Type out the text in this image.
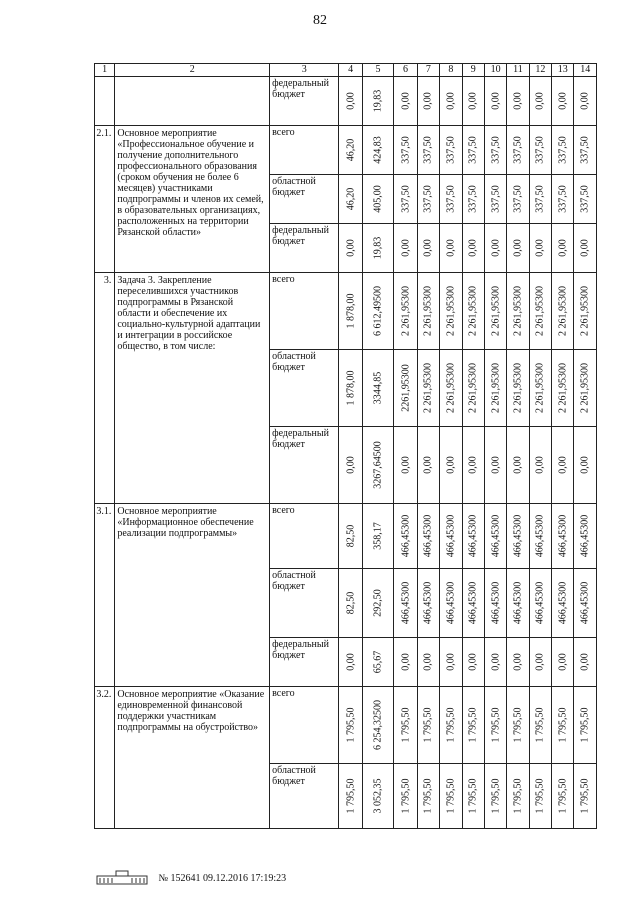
82
1	2	3	4	5	6	7	8	9	10	11	12	13	14
		федеральный бюджет	0,00	19,83	0,00	0,00	0,00	0,00	0,00	0,00	0,00	0,00	0,00

2.1.	Основное мероприятие «Профессиональное обучение и получение дополнительного профессионального образования (сроком обучения не более 6 месяцев) участниками подпрограммы и членов их семей, в образовательных организациях, расположенных на территории Рязанской области»	всего	46,20	424,83	337,50	337,50	337,50	337,50	337,50	337,50	337,50	337,50	337,50

		областной бюджет	46,20	405,00	337,50	337,50	337,50	337,50	337,50	337,50	337,50	337,50	337,50

		федеральный бюджет	0,00	19,83	0,00	0,00	0,00	0,00	0,00	0,00	0,00	0,00	0,00

3.	Задача 3. Закрепление переселившихся участников подпрограммы в Рязанской области и обеспечение их социально-культурной адаптации и интеграции в российское общество, в том числе:	всего	1 878,00	6 612,49500	2 261,95300	2 261,95300	2 261,95300	2 261,95300	2 261,95300	2 261,95300	2 261,95300	2 261,95300	2 261,95300

		областной бюджет	1 878,00	3344,85	2261,95300	2 261,95300	2 261,95300	2 261,95300	2 261,95300	2 261,95300	2 261,95300	2 261,95300	2 261,95300

		федеральный бюджет	0,00	3267,64500	0,00	0,00	0,00	0,00	0,00	0,00	0,00	0,00	0,00

3.1.	Основное мероприятие «Информационное обеспечение реализации подпрограммы»	всего	82,50	358,17	466,45300	466,45300	466,45300	466,45300	466,45300	466,45300	466,45300	466,45300	466,45300

		областной бюджет	82,50	292,50	466,45300	466,45300	466,45300	466,45300	466,45300	466,45300	466,45300	466,45300	466,45300

		федеральный бюджет	0,00	65,67	0,00	0,00	0,00	0,00	0,00	0,00	0,00	0,00	0,00

3.2.	Основное мероприятие «Оказание единовременной финансовой поддержки участникам подпрограммы на обустройство»	всего	1 795,50	6 254,32500	1 795,50	1 795,50	1 795,50	1 795,50	1 795,50	1 795,50	1 795,50	1 795,50	1 795,50

		областной бюджет	1 795,50	3 052,35	1 795,50	1 795,50	1 795,50	1 795,50	1 795,50	1 795,50	1 795,50	1 795,50	1 795,50
№ 152641 09.12.2016 17:19:23
